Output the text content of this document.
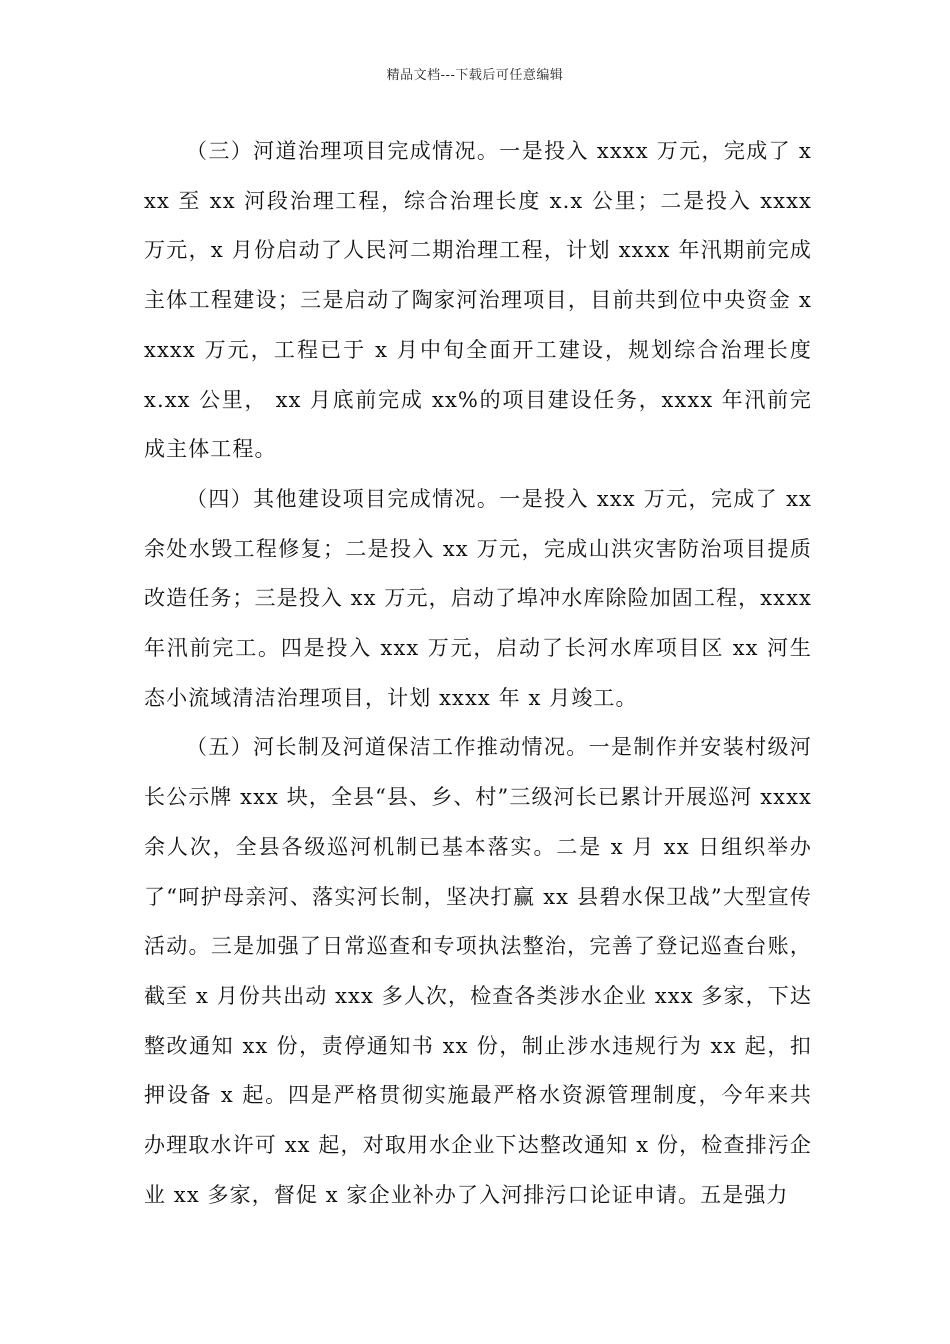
精品文档---下载后可任意编辑

（三）河道治理项目完成情况。一是投入 xxxx 万元，完成了 xxx 至 xx 河段治理工程，综合治理长度 x.x 公里；二是投入 xxxx 万元，x 月份启动了人民河二期治理工程，计划 xxxx 年汛期前完成主体工程建设；三是启动了陶家河治理项目，目前共到位中央资金 xxxxx 万元，工程已于 x 月中旬全面开工建设，规划综合治理长度 x.xx 公里， xx 月底前完成 xx%的项目建设任务，xxxx 年汛前完成主体工程。

（四）其他建设项目完成情况。一是投入 xxx 万元，完成了 xx 余处水毁工程修复；二是投入 xx 万元，完成山洪灾害防治项目提质改造任务；三是投入 xx 万元，启动了埠冲水库除险加固工程，xxxx 年汛前完工。四是投入 xxx 万元，启动了长河水库项目区 xx 河生态小流域清洁治理项目，计划 xxxx 年 x 月竣工。

（五）河长制及河道保洁工作推动情况。一是制作并安装村级河长公示牌 xxx 块，全县“县、乡、村”三级河长已累计开展巡河 xxxx 余人次，全县各级巡河机制已基本落实。二是 x 月 xx 日组织举办了“呵护母亲河、落实河长制，坚决打赢 xx 县碧水保卫战”大型宣传活动。三是加强了日常巡查和专项执法整治，完善了登记巡查台账，截至 x 月份共出动 xxx 多人次，检查各类涉水企业 xxx 多家，下达整改通知 xx 份，责停通知书 xx 份，制止涉水违规行为 xx 起，扣押设备 x 起。四是严格贯彻实施最严格水资源管理制度，今年来共办理取水许可 xx 起，对取用水企业下达整改通知 x 份，检查排污企业 xx 多家，督促 x 家企业补办了入河排污口论证申请。五是强力
